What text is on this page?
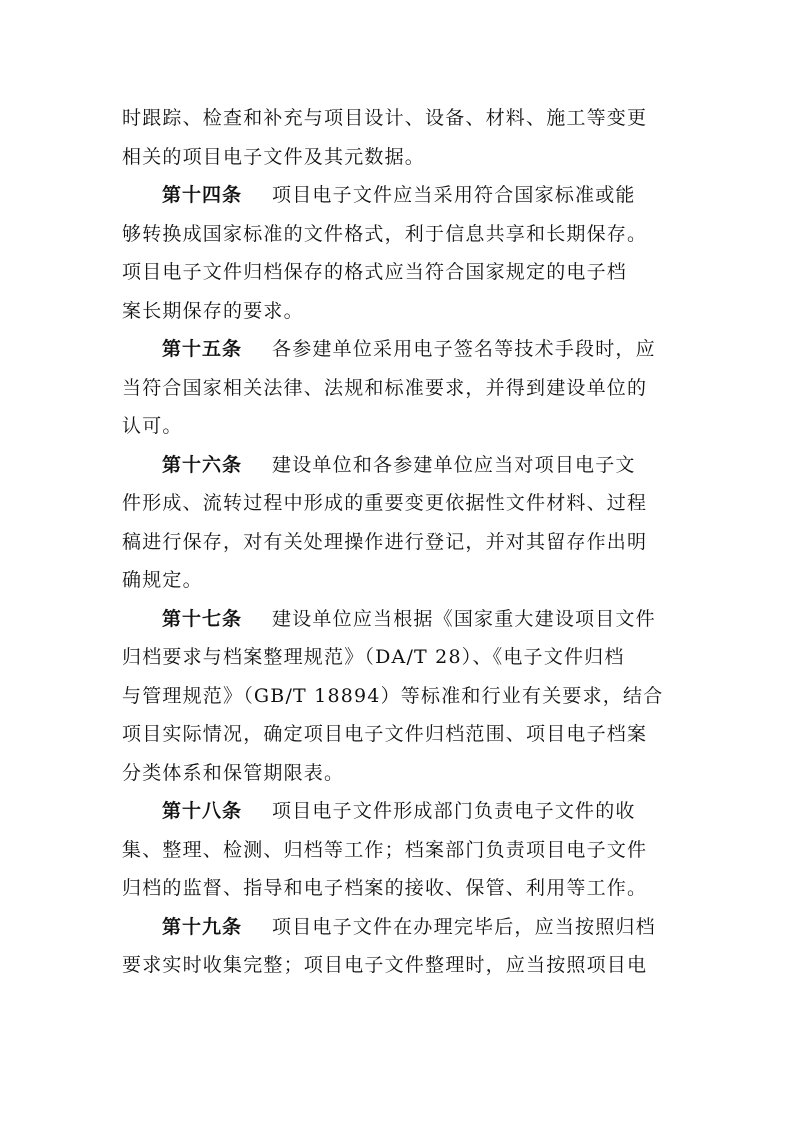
时跟踪、检查和补充与项目设计、设备、材料、施工等变更
相关的项目电子文件及其元数据。
第十四条 项目电子文件应当采用符合国家标准或能
够转换成国家标准的文件格式，利于信息共享和长期保存。
项目电子文件归档保存的格式应当符合国家规定的电子档
案长期保存的要求。
第十五条 各参建单位采用电子签名等技术手段时，应
当符合国家相关法律、法规和标准要求，并得到建设单位的
认可。
第十六条 建设单位和各参建单位应当对项目电子文
件形成、流转过程中形成的重要变更依据性文件材料、过程
稿进行保存，对有关处理操作进行登记，并对其留存作出明
确规定。
第十七条 建设单位应当根据《国家重大建设项目文件
归档要求与档案整理规范》（DA/T 28）、《电子文件归档
与管理规范》（GB/T 18894）等标准和行业有关要求，结合
项目实际情况，确定项目电子文件归档范围、项目电子档案
分类体系和保管期限表。
第十八条 项目电子文件形成部门负责电子文件的收
集、整理、检测、归档等工作；档案部门负责项目电子文件
归档的监督、指导和电子档案的接收、保管、利用等工作。
第十九条 项目电子文件在办理完毕后，应当按照归档
要求实时收集完整；项目电子文件整理时，应当按照项目电
